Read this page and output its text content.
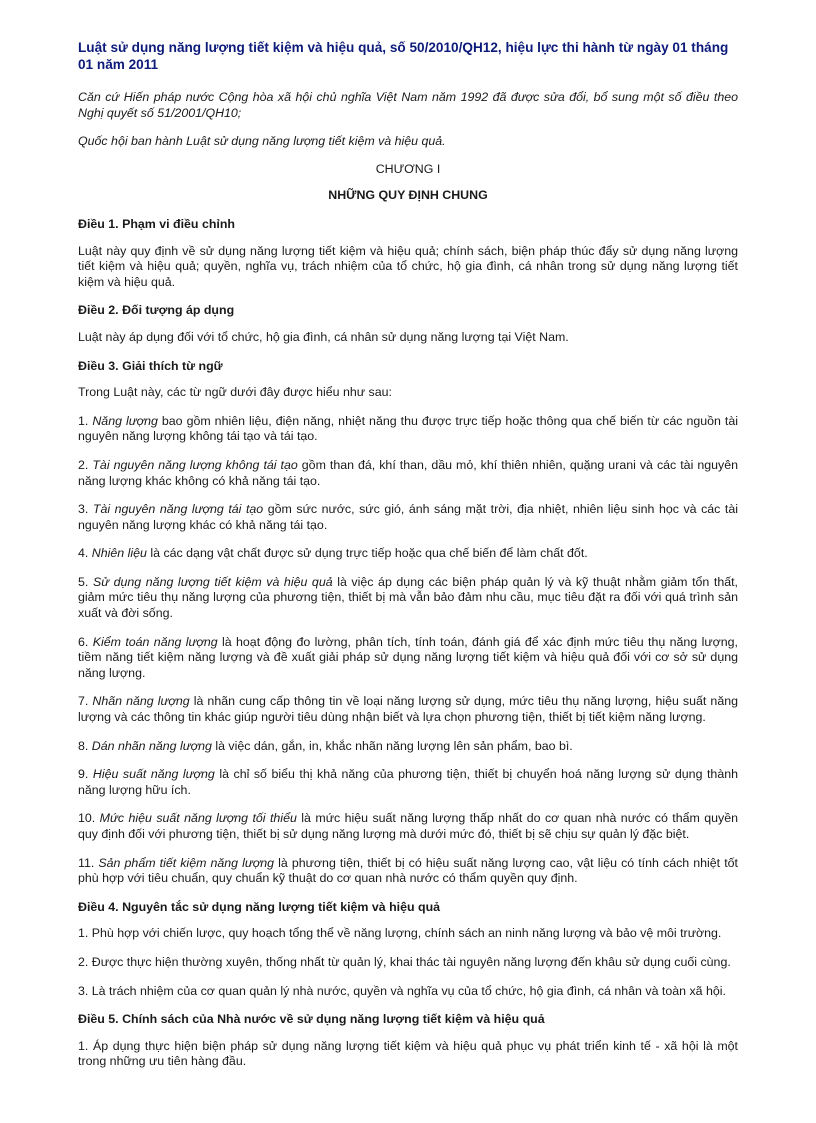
Luật sử dụng năng lượng tiết kiệm và hiệu quả, số 50/2010/QH12, hiệu lực thi hành từ ngày 01 tháng 01 năm 2011

Căn cứ Hiến pháp nước Cộng hòa xã hội chủ nghĩa Việt Nam năm 1992 đã được sửa đổi, bổ sung một số điều theo Nghị quyết số 51/2001/QH10;

Quốc hội ban hành Luật sử dụng năng lượng tiết kiệm và hiệu quả.

CHƯƠNG I
NHỮNG QUY ĐỊNH CHUNG
Điều 1. Phạm vi điều chỉnh

Luật này quy định về sử dụng năng lượng tiết kiệm và hiệu quả; chính sách, biện pháp thúc đẩy sử dụng năng lượng tiết kiệm và hiệu quả; quyền, nghĩa vụ, trách nhiệm của tổ chức, hộ gia đình, cá nhân trong sử dụng năng lượng tiết kiệm và hiệu quả.

Điều 2. Đối tượng áp dụng

Luật này áp dụng đối với tổ chức, hộ gia đình, cá nhân sử dụng năng lượng tại Việt Nam.

Điều 3. Giải thích từ ngữ

Trong Luật này, các từ ngữ dưới đây được hiểu như sau:

1. Năng lượng bao gồm nhiên liệu, điện năng, nhiệt năng thu được trực tiếp hoặc thông qua chế biến từ các nguồn tài nguyên năng lượng không tái tạo và tái tạo.

2. Tài nguyên năng lượng không tái tạo gồm than đá, khí than, dầu mỏ, khí thiên nhiên, quặng urani và các tài nguyên năng lượng khác không có khả năng tái tạo.

3. Tài nguyên năng lượng tái tạo gồm sức nước, sức gió, ánh sáng mặt trời, địa nhiệt, nhiên liệu sinh học và các tài nguyên năng lượng khác có khả năng tái tạo.

4. Nhiên liệu là các dạng vật chất được sử dụng trực tiếp hoặc qua chế biến để làm chất đốt.

5. Sử dụng năng lượng tiết kiệm và hiệu quả là việc áp dụng các biện pháp quản lý và kỹ thuật nhằm giảm tổn thất, giảm mức tiêu thụ năng lượng của phương tiện, thiết bị mà vẫn bảo đảm nhu cầu, mục tiêu đặt ra đối với quá trình sản xuất và đời sống.

6. Kiểm toán năng lượng là hoạt động đo lường, phân tích, tính toán, đánh giá để xác định mức tiêu thụ năng lượng, tiềm năng tiết kiệm năng lượng và đề xuất giải pháp sử dụng năng lượng tiết kiệm và hiệu quả đối với cơ sở sử dụng năng lượng.

7. Nhãn năng lượng là nhãn cung cấp thông tin về loại năng lượng sử dụng, mức tiêu thụ năng lượng, hiệu suất năng lượng và các thông tin khác giúp người tiêu dùng nhận biết và lựa chọn phương tiện, thiết bị tiết kiệm năng lượng.

8. Dán nhãn năng lượng là việc dán, gắn, in, khắc nhãn năng lượng lên sản phẩm, bao bì.

9. Hiệu suất năng lượng là chỉ số biểu thị khả năng của phương tiện, thiết bị chuyển hoá năng lượng sử dụng thành năng lượng hữu ích.

10. Mức hiệu suất năng lượng tối thiểu là mức hiệu suất năng lượng thấp nhất do cơ quan nhà nước có thẩm quyền quy định đối với phương tiện, thiết bị sử dụng năng lượng mà dưới mức đó, thiết bị sẽ chịu sự quản lý đặc biệt.

11. Sản phẩm tiết kiệm năng lượng là phương tiện, thiết bị có hiệu suất năng lượng cao, vật liệu có tính cách nhiệt tốt phù hợp với tiêu chuẩn, quy chuẩn kỹ thuật do cơ quan nhà nước có thẩm quyền quy định.

Điều 4. Nguyên tắc sử dụng năng lượng tiết kiệm và hiệu quả

1. Phù hợp với chiến lược, quy hoạch tổng thể về năng lượng, chính sách an ninh năng lượng và bảo vệ môi trường.

2. Được thực hiện thường xuyên, thống nhất từ quản lý, khai thác tài nguyên năng lượng đến khâu sử dụng cuối cùng.

3. Là trách nhiệm của cơ quan quản lý nhà nước, quyền và nghĩa vụ của tổ chức, hộ gia đình, cá nhân và toàn xã hội.

Điều 5. Chính sách của Nhà nước về sử dụng năng lượng tiết kiệm và hiệu quả

1. Áp dụng thực hiện biện pháp sử dụng năng lượng tiết kiệm và hiệu quả phục vụ phát triển kinh tế - xã hội là một trong những ưu tiên hàng đầu.
